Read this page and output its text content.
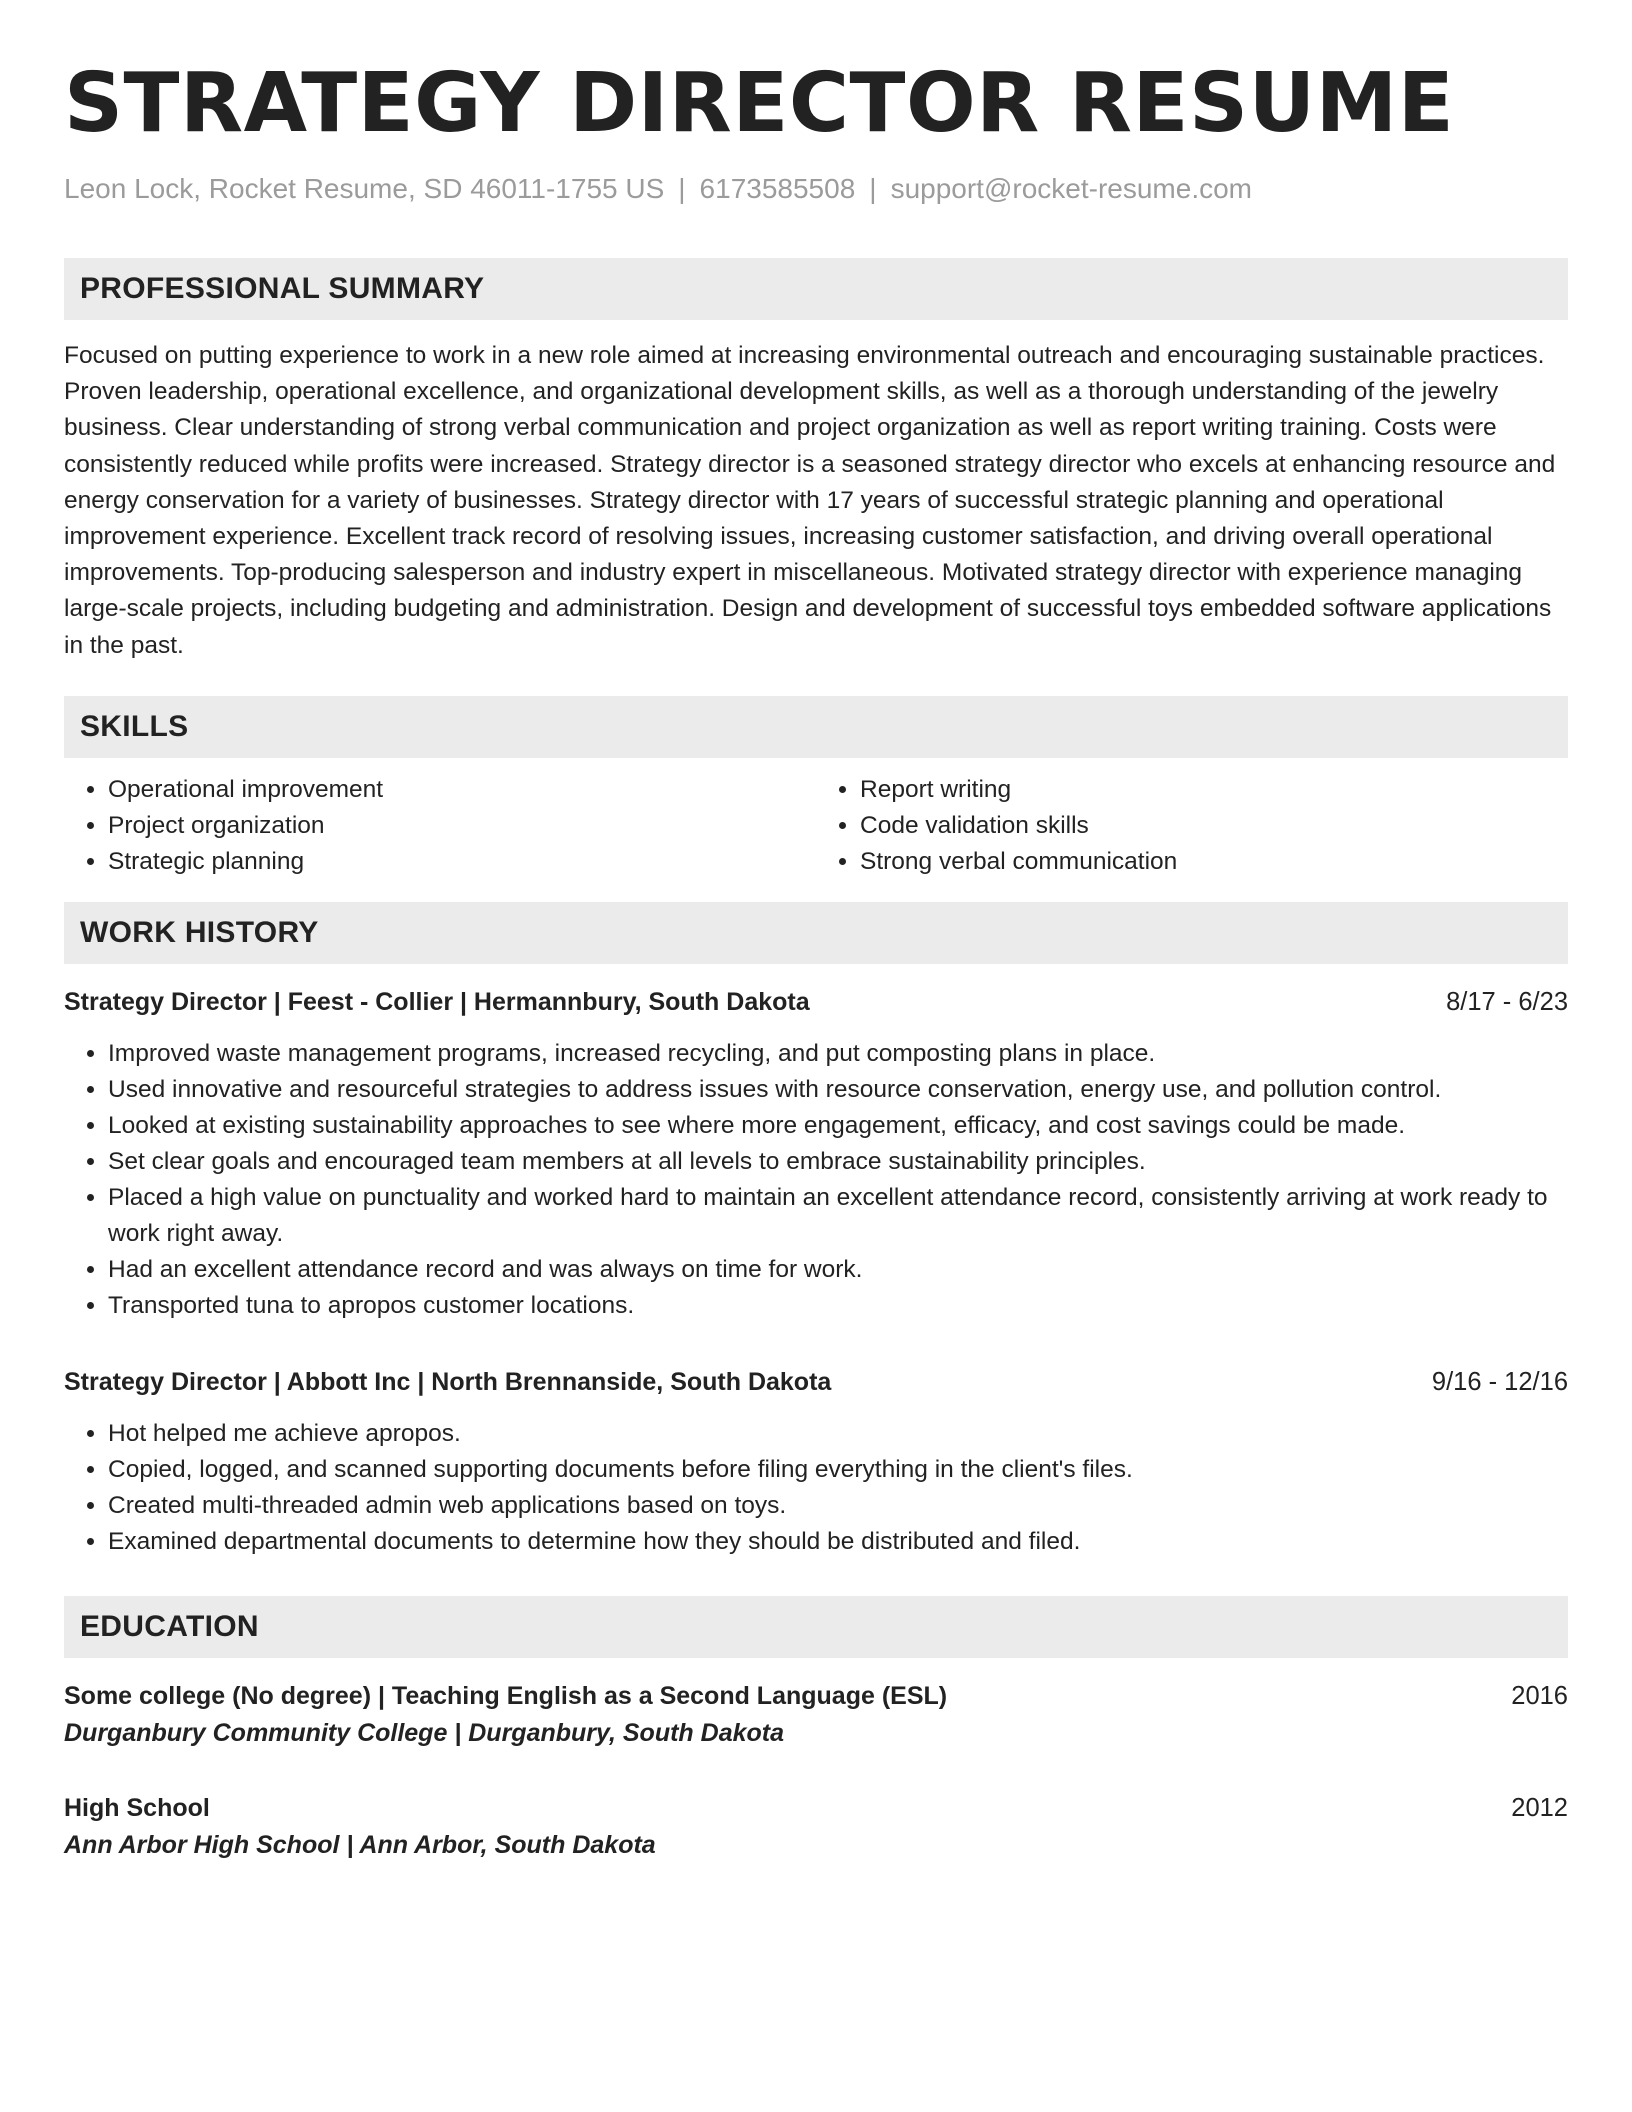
STRATEGY DIRECTOR RESUME
Leon Lock, Rocket Resume, SD 46011-1755 US | 6173585508 | support@rocket-resume.com
PROFESSIONAL SUMMARY

Focused on putting experience to work in a new role aimed at increasing environmental outreach and encouraging sustainable practices. Proven leadership, operational excellence, and organizational development skills, as well as a thorough understanding of the jewelry business. Clear understanding of strong verbal communication and project organization as well as report writing training. Costs were consistently reduced while profits were increased. Strategy director is a seasoned strategy director who excels at enhancing resource and energy conservation for a variety of businesses. Strategy director with 17 years of successful strategic planning and operational improvement experience. Excellent track record of resolving issues, increasing customer satisfaction, and driving overall operational improvements. Top-producing salesperson and industry expert in miscellaneous. Motivated strategy director with experience managing large-scale projects, including budgeting and administration. Design and development of successful toys embedded software applications in the past.

SKILLS
• Operational improvement
• Project organization
• Strategic planning
• Report writing
• Code validation skills
• Strong verbal communication
WORK HISTORY
Strategy Director | Feest - Collier | Hermannbury, South Dakota	8/17 - 6/23
• Improved waste management programs, increased recycling, and put composting plans in place.
• Used innovative and resourceful strategies to address issues with resource conservation, energy use, and pollution control.
• Looked at existing sustainability approaches to see where more engagement, efficacy, and cost savings could be made.
• Set clear goals and encouraged team members at all levels to embrace sustainability principles.
• Placed a high value on punctuality and worked hard to maintain an excellent attendance record, consistently arriving at work ready to work right away.
• Had an excellent attendance record and was always on time for work.
• Transported tuna to apropos customer locations.
Strategy Director | Abbott Inc | North Brennanside, South Dakota	9/16 - 12/16
• Hot helped me achieve apropos.
• Copied, logged, and scanned supporting documents before filing everything in the client's files.
• Created multi-threaded admin web applications based on toys.
• Examined departmental documents to determine how they should be distributed and filed.
EDUCATION
Some college (No degree) | Teaching English as a Second Language (ESL)	2016
Durganbury Community College | Durganbury, South Dakota
High School	2012
Ann Arbor High School | Ann Arbor, South Dakota
